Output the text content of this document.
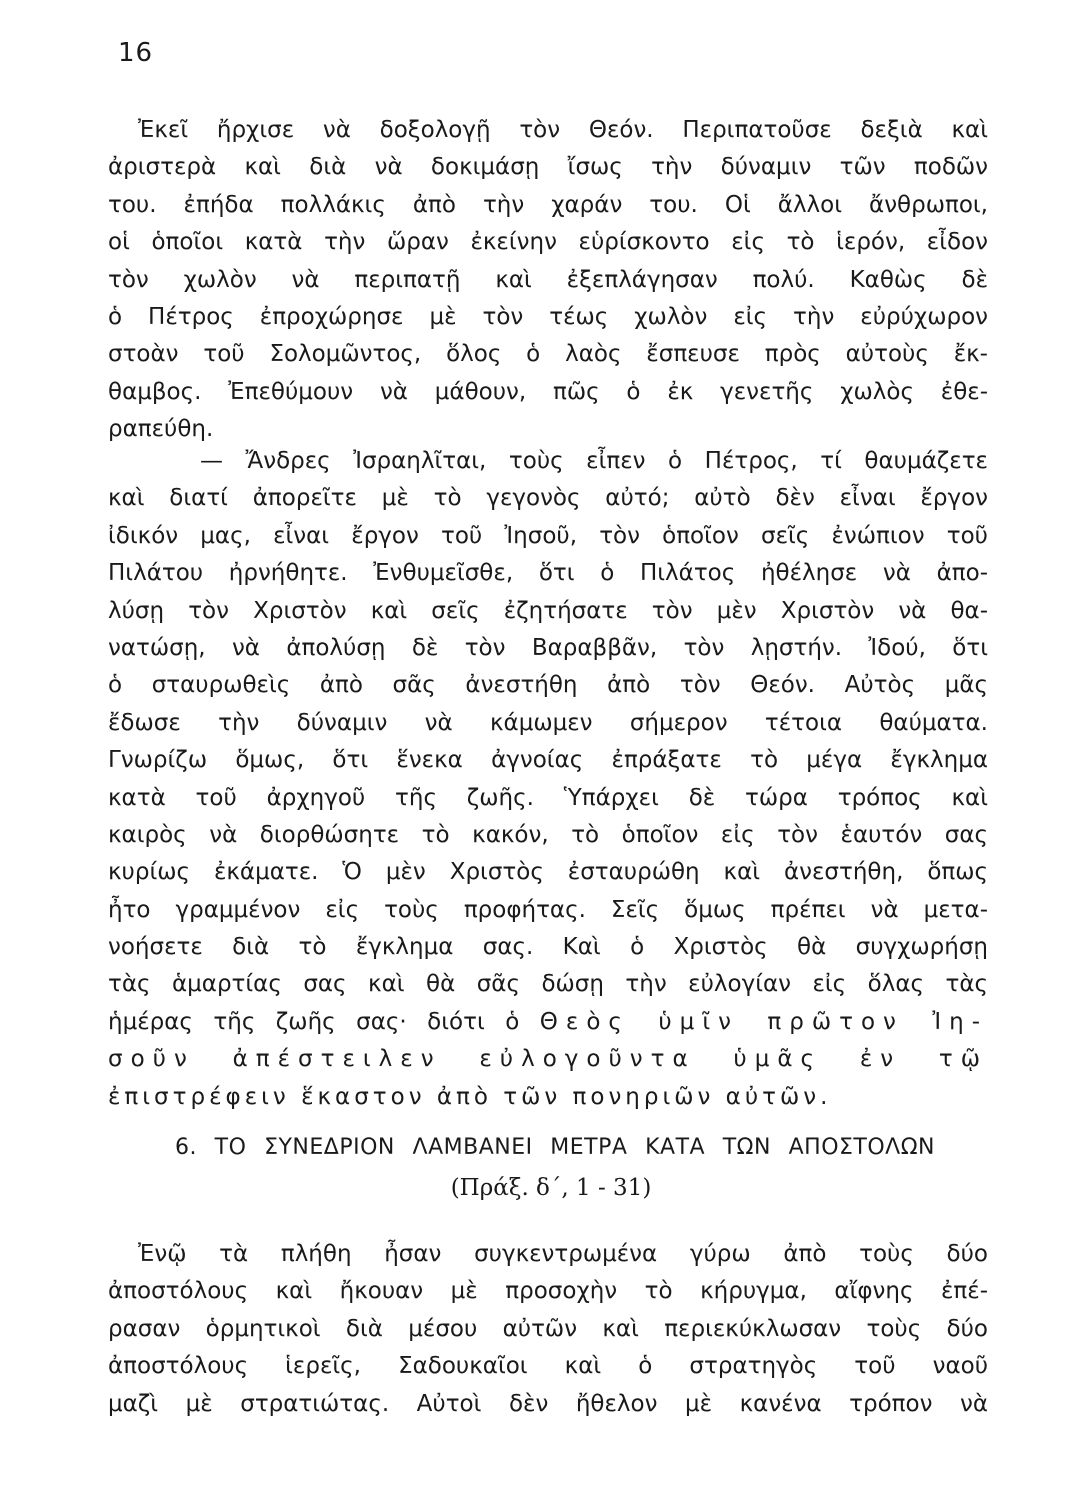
16
Ἐκεῖ ἤρχισε νὰ δοξολογῇ τὸν Θεόν. Περιπατοῦσε δεξιὰ καὶ
ἀριστερὰ καὶ διὰ νὰ δοκιμάσῃ ἴσως τὴν δύναμιν τῶν ποδῶν
του. ἐπήδα πολλάκις ἀπὸ τὴν χαράν του. Οἱ ἄλλοι ἄνθρωποι,
οἱ ὁποῖοι κατὰ τὴν ὥραν ἐκείνην εὑρίσκοντο εἰς τὸ ἱερόν, εἶδον
τὸν χωλὸν νὰ περιπατῇ καὶ ἐξεπλάγησαν πολύ. Καθὼς δὲ
ὁ Πέτρος ἐπροχώρησε μὲ τὸν τέως χωλὸν εἰς τὴν εὐρύχωρον
στοὰν τοῦ Σολομῶντος, ὅλος ὁ λαὸς ἔσπευσε πρὸς αὐτοὺς ἔκ-
θαμβος. Ἐπεθύμουν νὰ μάθουν, πῶς ὁ ἐκ γενετῆς χωλὸς ἐθε-
ραπεύθη.
— Ἄνδρες Ἰσραηλῖται, τοὺς εἶπεν ὁ Πέτρος, τί θαυμάζετε
καὶ διατί ἀπορεῖτε μὲ τὸ γεγονὸς αὐτό; αὐτὸ δὲν εἶναι ἔργον
ἰδικόν μας, εἶναι ἔργον τοῦ Ἰησοῦ, τὸν ὁποῖον σεῖς ἐνώπιον τοῦ
Πιλάτου ἠρνήθητε. Ἐνθυμεῖσθε, ὅτι ὁ Πιλάτος ἠθέλησε νὰ ἀπο-
λύσῃ τὸν Χριστὸν καὶ σεῖς ἐζητήσατε τὸν μὲν Χριστὸν νὰ θα-
νατώσῃ, νὰ ἀπολύσῃ δὲ τὸν Βαραββᾶν, τὸν λῃστήν. Ἰδού, ὅτι
ὁ σταυρωθεὶς ἀπὸ σᾶς ἀνεστήθη ἀπὸ τὸν Θεόν. Αὐτὸς μᾶς
ἔδωσε τὴν δύναμιν νὰ κάμωμεν σήμερον τέτοια θαύματα.
Γνωρίζω ὅμως, ὅτι ἕνεκα ἀγνοίας ἐπράξατε τὸ μέγα ἔγκλημα
κατὰ τοῦ ἀρχηγοῦ τῆς ζωῆς. Ὑπάρχει δὲ τώρα τρόπος καὶ
καιρὸς νὰ διορθώσητε τὸ κακόν, τὸ ὁποῖον εἰς τὸν ἑαυτόν σας
κυρίως ἐκάματε. Ὁ μὲν Χριστὸς ἐσταυρώθη καὶ ἀνεστήθη, ὅπως
ἦτο γραμμένον εἰς τοὺς προφήτας. Σεῖς ὅμως πρέπει νὰ μετα-
νοήσετε διὰ τὸ ἔγκλημα σας. Καὶ ὁ Χριστὸς θὰ συγχωρήσῃ
τὰς ἁμαρτίας σας καὶ θὰ σᾶς δώσῃ τὴν εὐλογίαν εἰς ὅλας τὰς
ἡμέρας τῆς ζωῆς σας· διότι ὁ Θεὸς ὑμῖν πρῶτον Ἰη-
σοῦν ἀπέστειλεν εὐλογοῦντα ὑμᾶς ἐν τῷ
ἐπιστρέφειν ἕκαστον ἀπὸ τῶν πονηριῶν αὐτῶν.
6. ΤΟ ΣΥΝΕΔΡΙΟΝ ΛΑΜΒΑΝΕΙ ΜΕΤΡΑ ΚΑΤΑ ΤΩΝ ΑΠΟΣΤΟΛΩΝ
(Πράξ. δ΄, 1 - 31)
Ἐνῷ τὰ πλήθη ἦσαν συγκεντρωμένα γύρω ἀπὸ τοὺς δύο
ἀποστόλους καὶ ἤκουαν μὲ προσοχὴν τὸ κήρυγμα, αἴφνης ἐπέ-
ρασαν ὁρμητικοὶ διὰ μέσου αὐτῶν καὶ περιεκύκλωσαν τοὺς δύο
ἀποστόλους ἱερεῖς, Σαδουκαῖοι καὶ ὁ στρατηγὸς τοῦ ναοῦ
μαζὶ μὲ στρατιώτας. Αὐτοὶ δὲν ἤθελον μὲ κανένα τρόπον νὰ
